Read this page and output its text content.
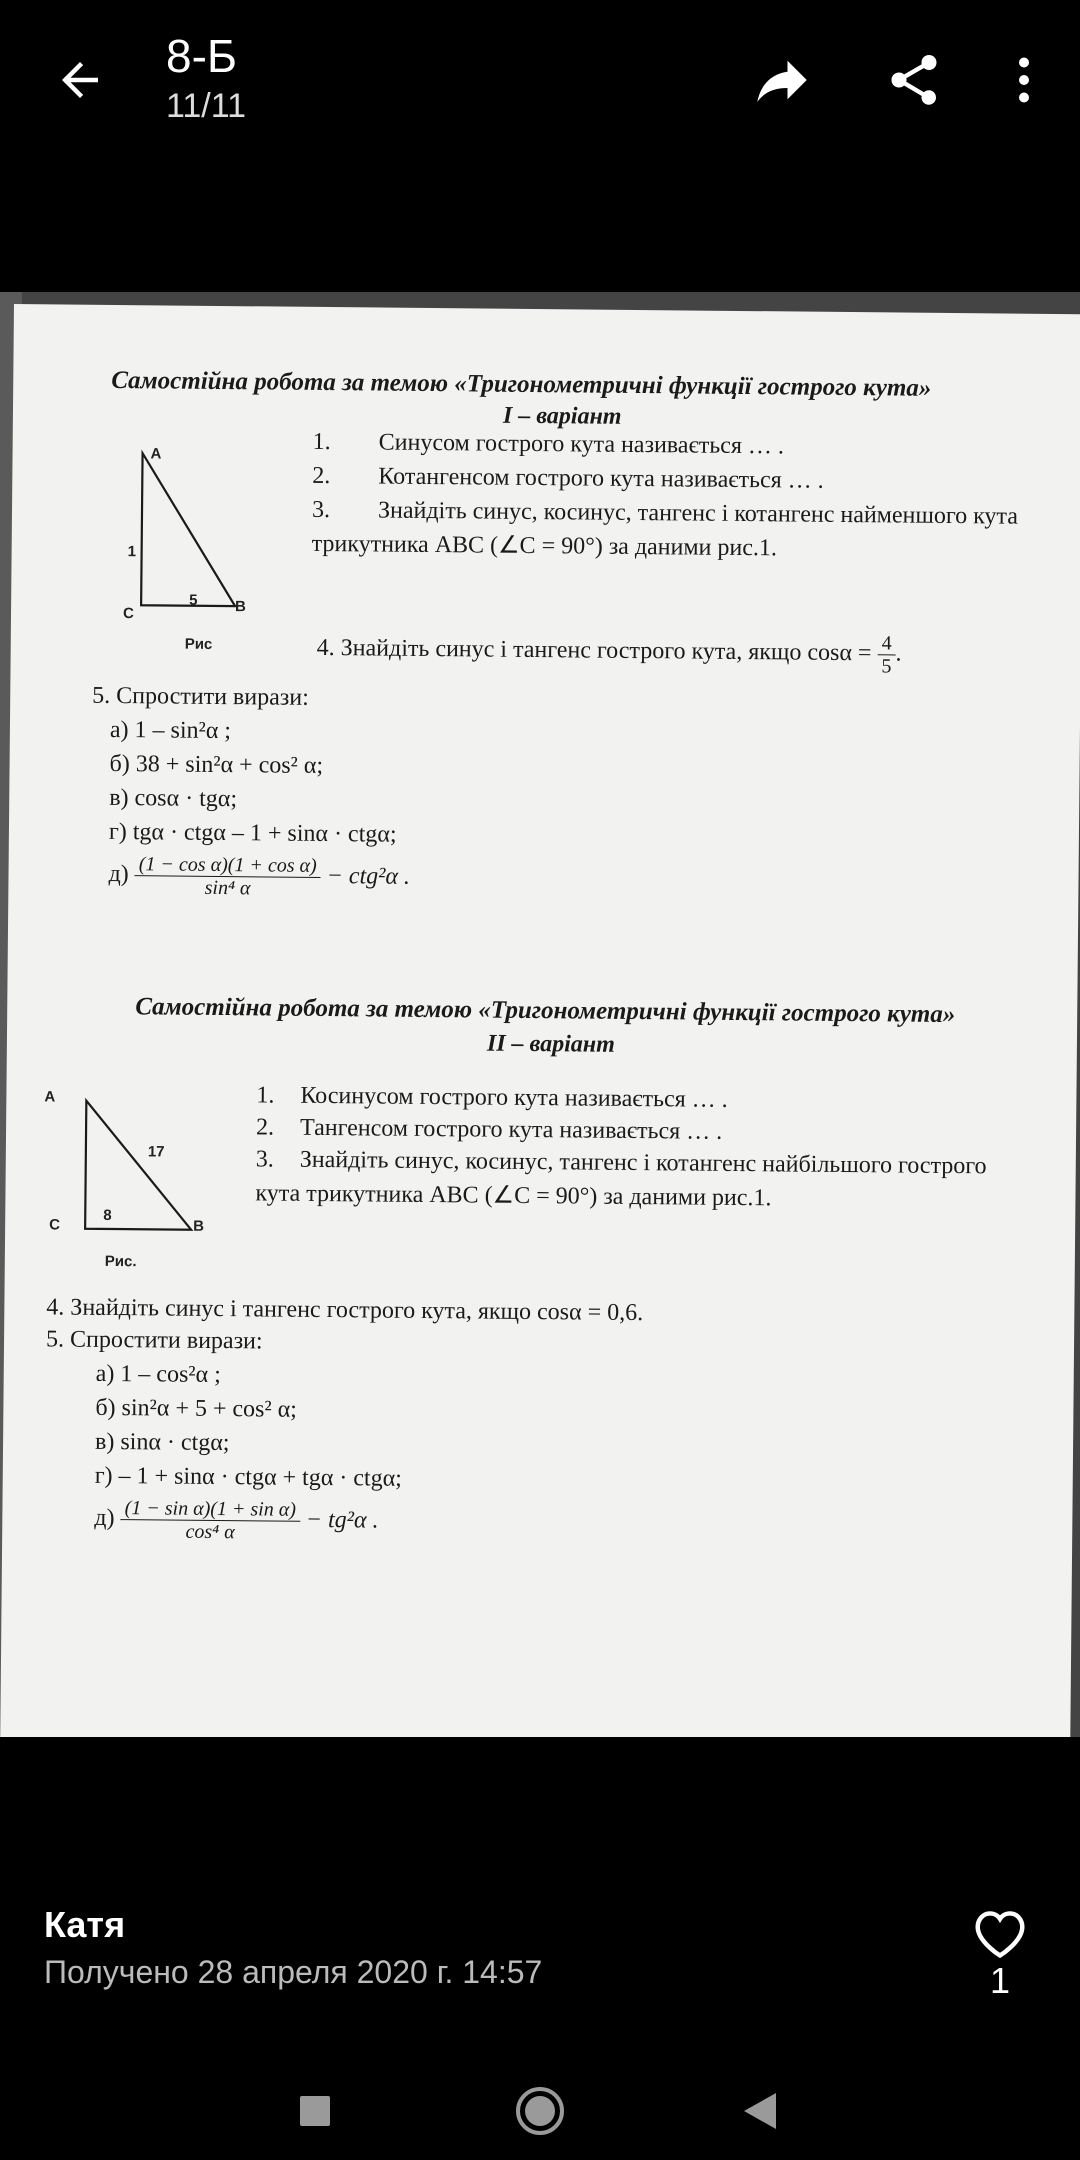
8-Б
11/11
Самостійна робота за темою «Тригонометричні функції гострого кута»
I – варіант
A
1
C
5 B
Рис
1. Синусом гострого кута називається … .
2. Котангенсом гострого кута називається … .
3. Знайдіть синус, косинус, тангенс і котангенс найменшого кута
трикутника ABC (∠C = 90°) за даними рис.1.
4. Знайдіть синус і тангенс гострого кута, якщо $\cos\alpha = \frac{4}{5}$ .
5. Спростити вирази:
а) 1 – sin²α ;
б) 38 + sin²α + cos² α;
в) cosα · tgα;
г) tgα · ctgα – 1 + sinα · ctgα;
$д) \frac{\text{(1 − cos α)(1 + cos α)}}{\text{sin⁴ α}} - ctg^2\alpha$ .
Самостійна робота за темою «Тригонометричні функції гострого кута»
II – варіант
A
17
C
8
B
Рис.
1. Косинусом гострого кута називається … .
2. Тангенсом гострого кута називається … .
3. Знайдіть синус, косинус, тангенс і котангенс найбільшого гострого
кута трикутника ABC (∠C = 90°) за даними рис.1.
4. Знайдіть синус і тангенс гострого кута, якщо cosα = 0,6.
5. Спростити вирази:
а) 1 – cos²α ;
б) sin²α + 5 + cos² α;
в) sinα · ctgα;
г) – 1 + sinα · ctgα + tgα · ctgα;
$д) \frac{\text{(1 − sin α)(1 + sin α)}}{\text{cos⁴ α}} - tg^2\alpha$ .
Катя
Получено 28 апреля 2020 г. 14:57	1
